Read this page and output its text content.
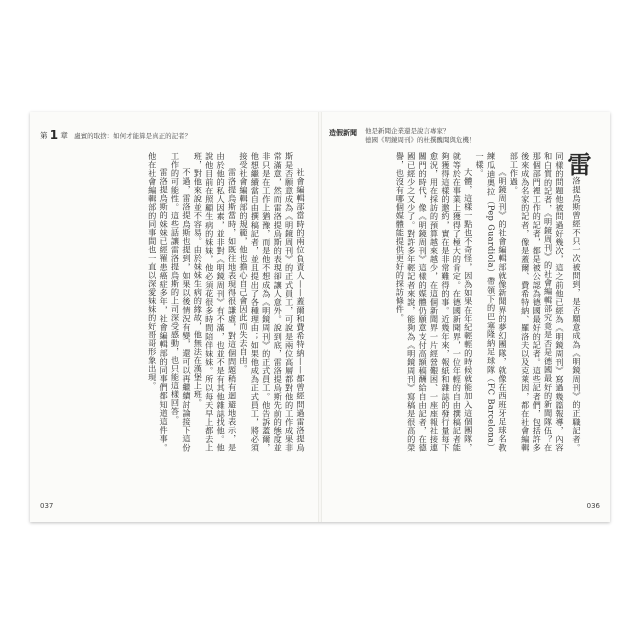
第 1 章 盧賓的取捨：如何才能算是真正的記者？

社會編輯部當時的兩位負責人——蓋爾和費希特納——都曾經問過雷洛提烏斯是否願意成為《明鏡周刊》的正式員工，可說是兩位高層都對他的工作成果非常滿意，然而雷洛提烏斯的表現卻讓人意外。說到底，雷洛提烏斯先前的態度並非只是在工作上猶豫，而是他不想成為《明鏡周刊》的正式員工。他告訴蓋爾，他想繼續當自由撰稿記者，並且提出了各種理由；如果他成為正式員工，將必須接受社會編輯部的規範，他也擔心自己會因此而失去自由。

雷洛提烏斯當時，如既往地表現得很謙虛，對這個問題稍有迴避地表示，是由於他的私人因素，並非對《明鏡周刊》有不滿，也並不是有其他雜誌找他。他說他目前在照顧生病的妹妹，他必須花很多時間陪伴妹妹。所以每天早上都去上班，對他來說並不容易。由於妹妹生病的緣故，他無法在漢堡上班。

不過，雷洛提烏斯也提到，如果以後情況有變，還可以再繼續討論接下這份工作的可能性。這些話讓雷洛提烏斯的上司深受感動，也只能這樣回答。

雷洛提烏斯的妹妹已經罹患癌症多年，社會編輯部的同事們都知道這件事。他在社會編輯部的同事間也一直以深愛妹妹的好哥哥形象出現。

037
造假新聞 他是新聞企業還是說言專家？
德國《明鏡周刊》的杜撰醜聞與危機！

雷洛提烏斯曾經不只一次被問到，是否願意成為《明鏡周刊》的正職記者。同樣的問題他被問過好幾次，這之前他已經為《明鏡周刊》寫過幾篇報導，內容和白質的記者，《明鏡周刊》的社會編輯部究竟是否是德國最好的新聞隊伍？在那個部門裡工作的記者，都是被公認為德國最好的記者。這些記者們，包括許多後來成為名家的記者，像是蓋爾、費希特納、羅洛夫以及克萊因，都在社會編輯部工作過。

《明鏡周刊》的社會編輯部就像新聞界的夢幻團隊，就像在西班牙足球名教練瓜迪奧拉（Pep Guardiola）帶領下的巴塞隆納足球隊（FC Barcelona）一樣。

大體，這樣一點也不奇怪，因為如果在年紀輕輕的時候就能加入這個團隊，就等於在事業上獲得了極大的肯定。在德國新聞界，一位年輕的自由撰稿記者能夠獲得這樣的邀約，實在是非常難得的事。近幾年來，報紙和雜誌的發行量每下愈況，用在採訪的預算越來越少，在這個新聞界一片經營艱困、一座座報社接連關門的時代，像《明鏡周刊》這樣的媒體仍願意支付高額稿酬給自由記者，在德國已經少之又少了。對許多年輕記者來說，能夠為《明鏡周刊》寫稿是很高的榮譽，也沒有哪個媒體能提供更好的採訪條件。

036
